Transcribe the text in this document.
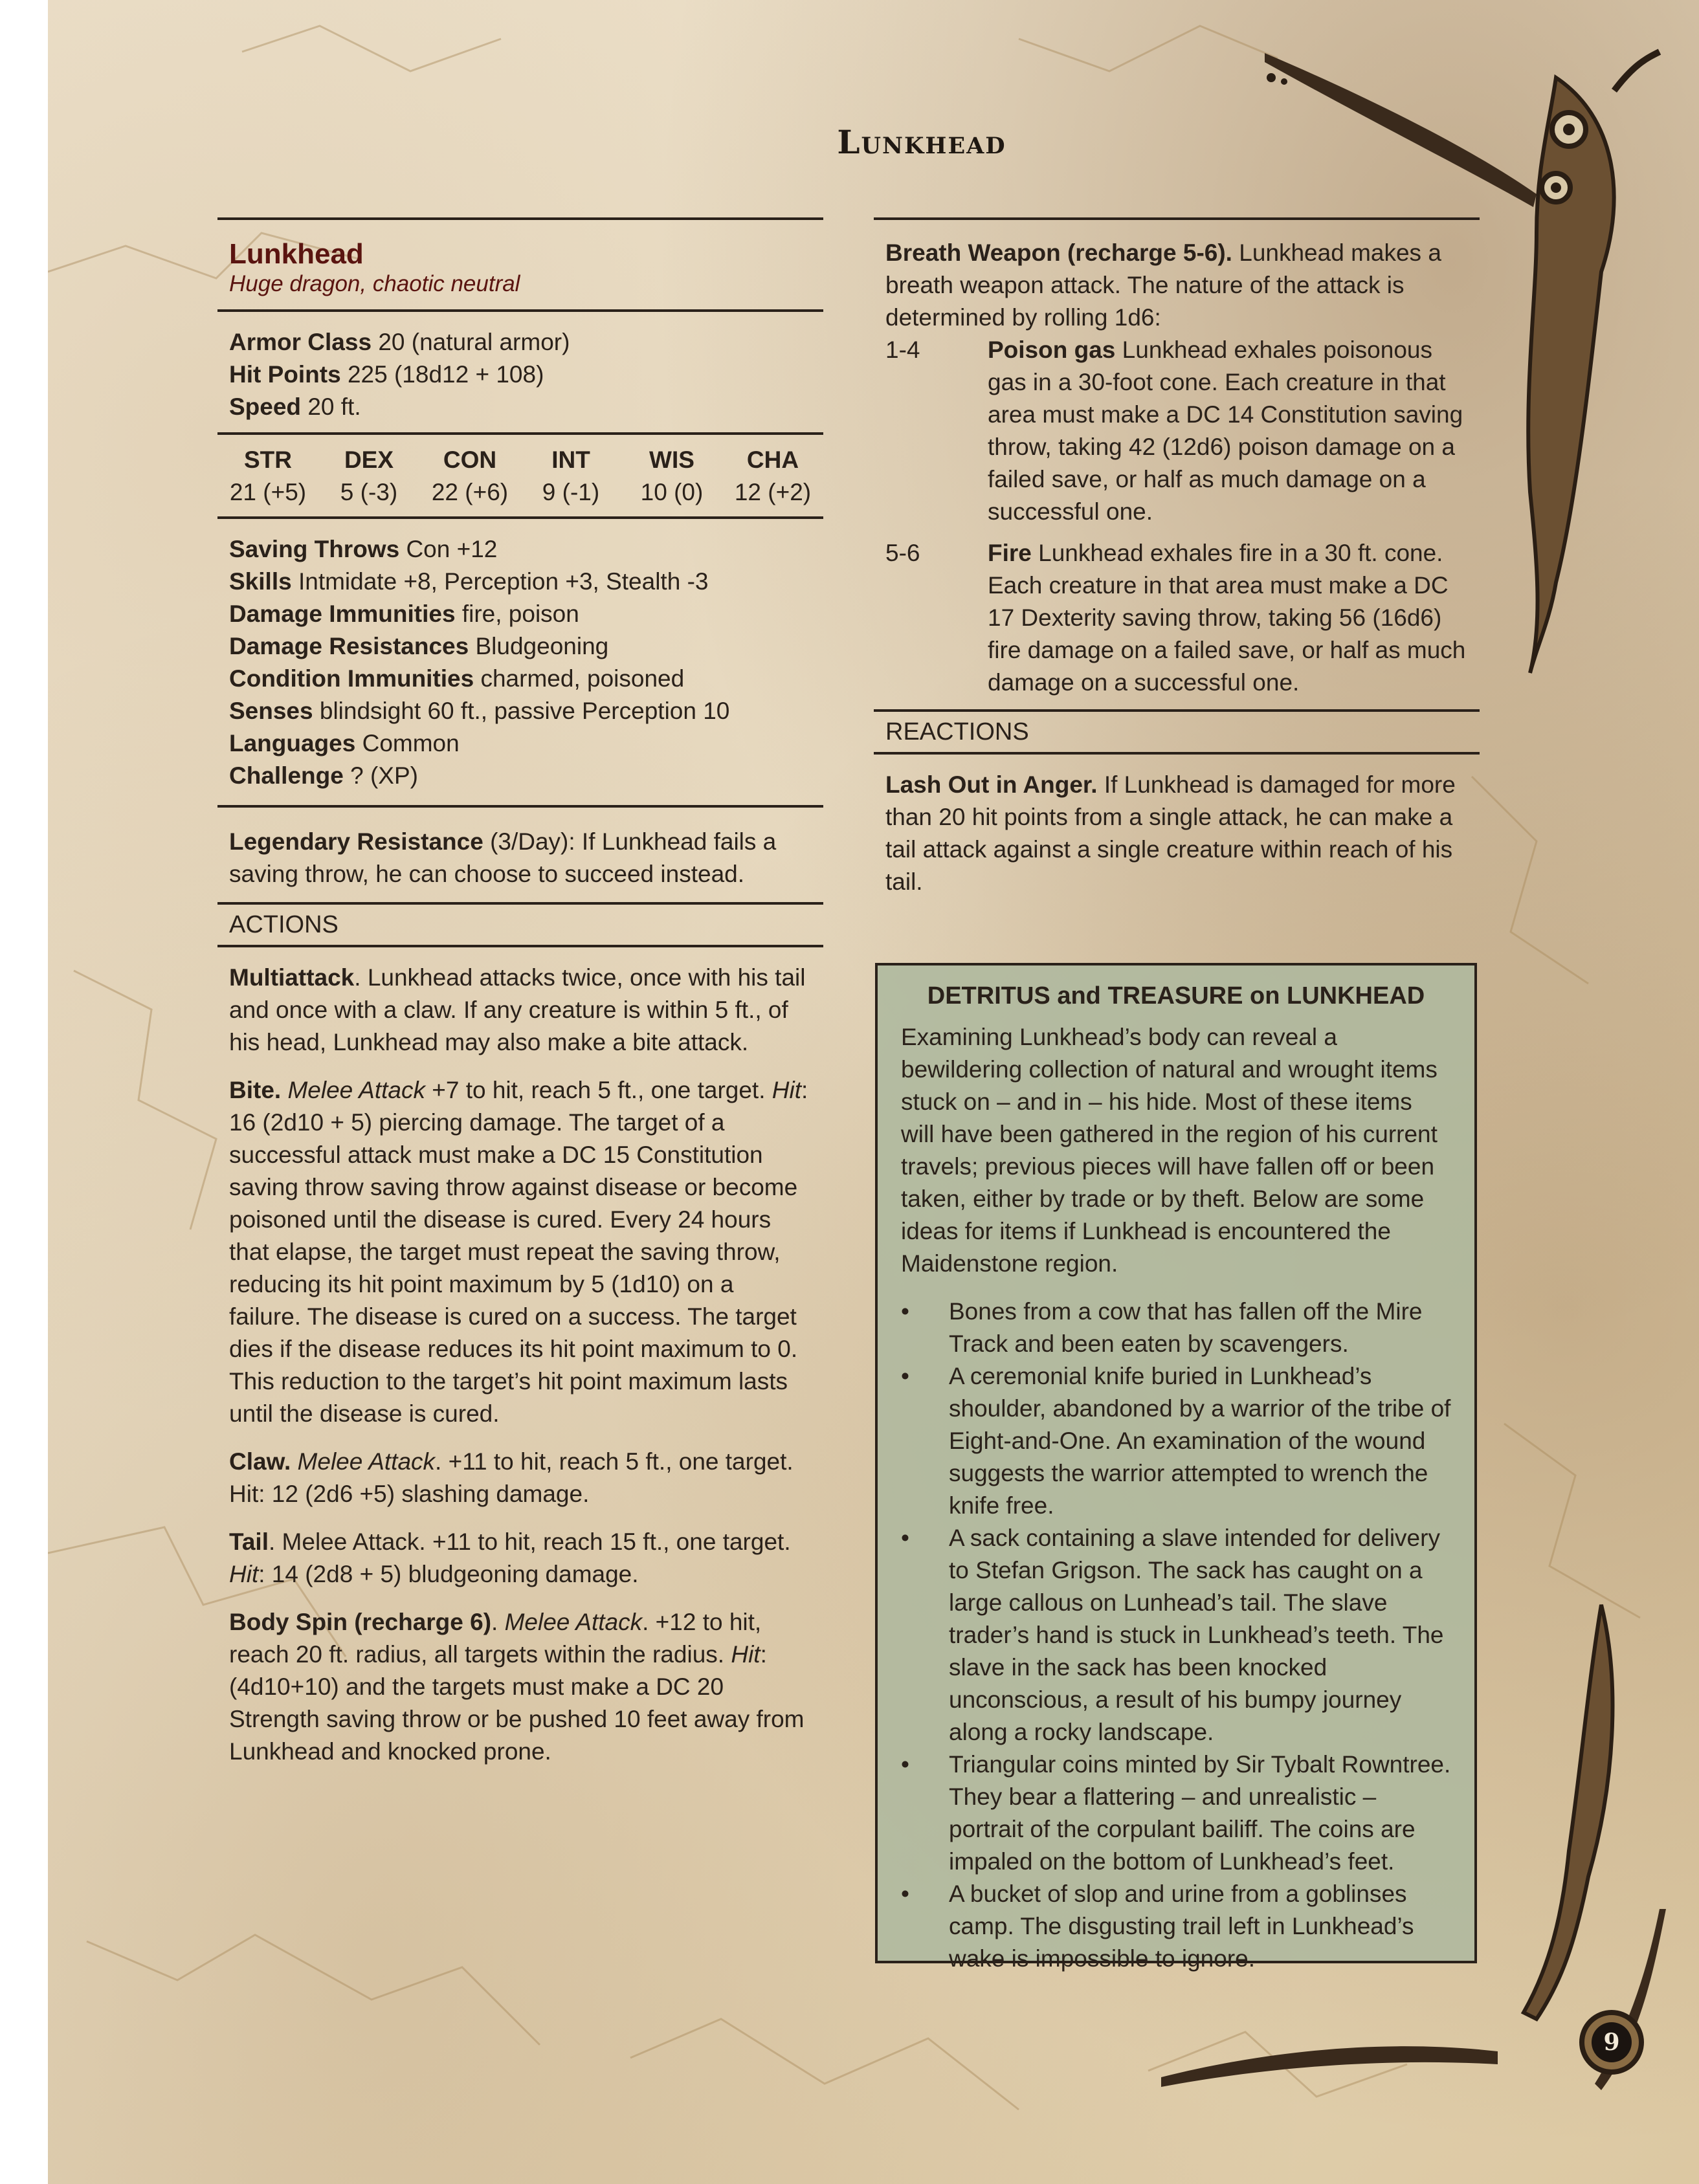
Lunkhead
Lunkhead
Huge dragon, chaotic neutral
Armor Class 20 (natural armor)
Hit Points 225 (18d12 + 108)
Speed 20 ft.
STR
21 (+5)
DEX
5 (-3)
CON
22 (+6)
INT
9 (-1)
WIS
10 (0)
CHA
12 (+2)
Saving Throws Con +12
Skills Intmidate +8, Perception +3, Stealth -3
Damage Immunities fire, poison
Damage Resistances Bludgeoning
Condition Immunities charmed, poisoned
Senses blindsight 60 ft., passive Perception 10
Languages Common
Challenge ? (XP)

Legendary Resistance (3/Day): If Lunkhead fails a saving throw, he can choose to succeed instead.

ACTIONS

Multiattack. Lunkhead attacks twice, once with his tail and once with a claw. If any creature is within 5 ft., of his head, Lunkhead may also make a bite attack.

Bite. Melee Attack +7 to hit, reach 5 ft., one target. Hit: 16 (2d10 + 5) piercing damage. The target of a successful attack must make a DC 15 Constitution saving throw saving throw against disease or become poisoned until the disease is cured. Every 24 hours that elapse, the target must repeat the saving throw, reducing its hit point maximum by 5 (1d10) on a failure. The disease is cured on a success. The target dies if the disease reduces its hit point maximum to 0. This reduction to the target’s hit point maximum lasts until the disease is cured.

Claw. Melee Attack. +11 to hit, reach 5 ft., one target. Hit: 12 (2d6 +5) slashing damage.

Tail. Melee Attack. +11 to hit, reach 15 ft., one target. Hit: 14 (2d8 + 5) bludgeoning damage.

Body Spin (recharge 6). Melee Attack. +12 to hit, reach 20 ft. radius, all targets within the radius. Hit: (4d10+10) and the targets must make a DC 20 Strength saving throw or be pushed 10 feet away from Lunkhead and knocked prone.

Breath Weapon (recharge 5-6). Lunkhead makes a breath weapon attack. The nature of the attack is determined by rolling 1d6:

1-4	Poison gas Lunkhead exhales poisonous gas in a 30-foot cone. Each creature in that area must make a DC 14 Constitution saving throw, taking 42 (12d6) poison damage on a failed save, or half as much damage on a successful one.
5-6	Fire Lunkhead exhales fire in a 30 ft. cone. Each creature in that area must make a DC 17 Dexterity saving throw, taking 56 (16d6) fire damage on a failed save, or half as much damage on a successful one.
REACTIONS

Lash Out in Anger. If Lunkhead is damaged for more than 20 hit points from a single attack, he can make a tail attack against a single creature within reach of his tail.

DETRITUS and TREASURE on LUNKHEAD

Examining Lunkhead’s body can reveal a bewildering collection of natural and wrought items stuck on – and in – his hide. Most of these items will have been gathered in the region of his current travels; previous pieces will have fallen off or been taken, either by trade or by theft. Below are some ideas for items if Lunkhead is encountered the Maidenstone region.

• Bones from a cow that has fallen off the Mire Track and been eaten by scavengers.
• A ceremonial knife buried in Lunkhead’s shoulder, abandoned by a warrior of the tribe of Eight-and-One. An examination of the wound suggests the warrior attempted to wrench the knife free.
• A sack containing a slave intended for delivery to Stefan Grigson. The sack has caught on a large callous on Lunhead’s tail. The slave trader’s hand is stuck in Lunkhead’s teeth. The slave in the sack has been knocked unconscious, a result of his bumpy journey along a rocky landscape.
• Triangular coins minted by Sir Tybalt Rowntree. They bear a flattering – and unrealistic – portrait of the corpulant bailiff. The coins are impaled on the bottom of Lunkhead’s feet.
• A bucket of slop and urine from a goblinses camp. The disgusting trail left in Lunkhead’s wake is impossible to ignore.
9
